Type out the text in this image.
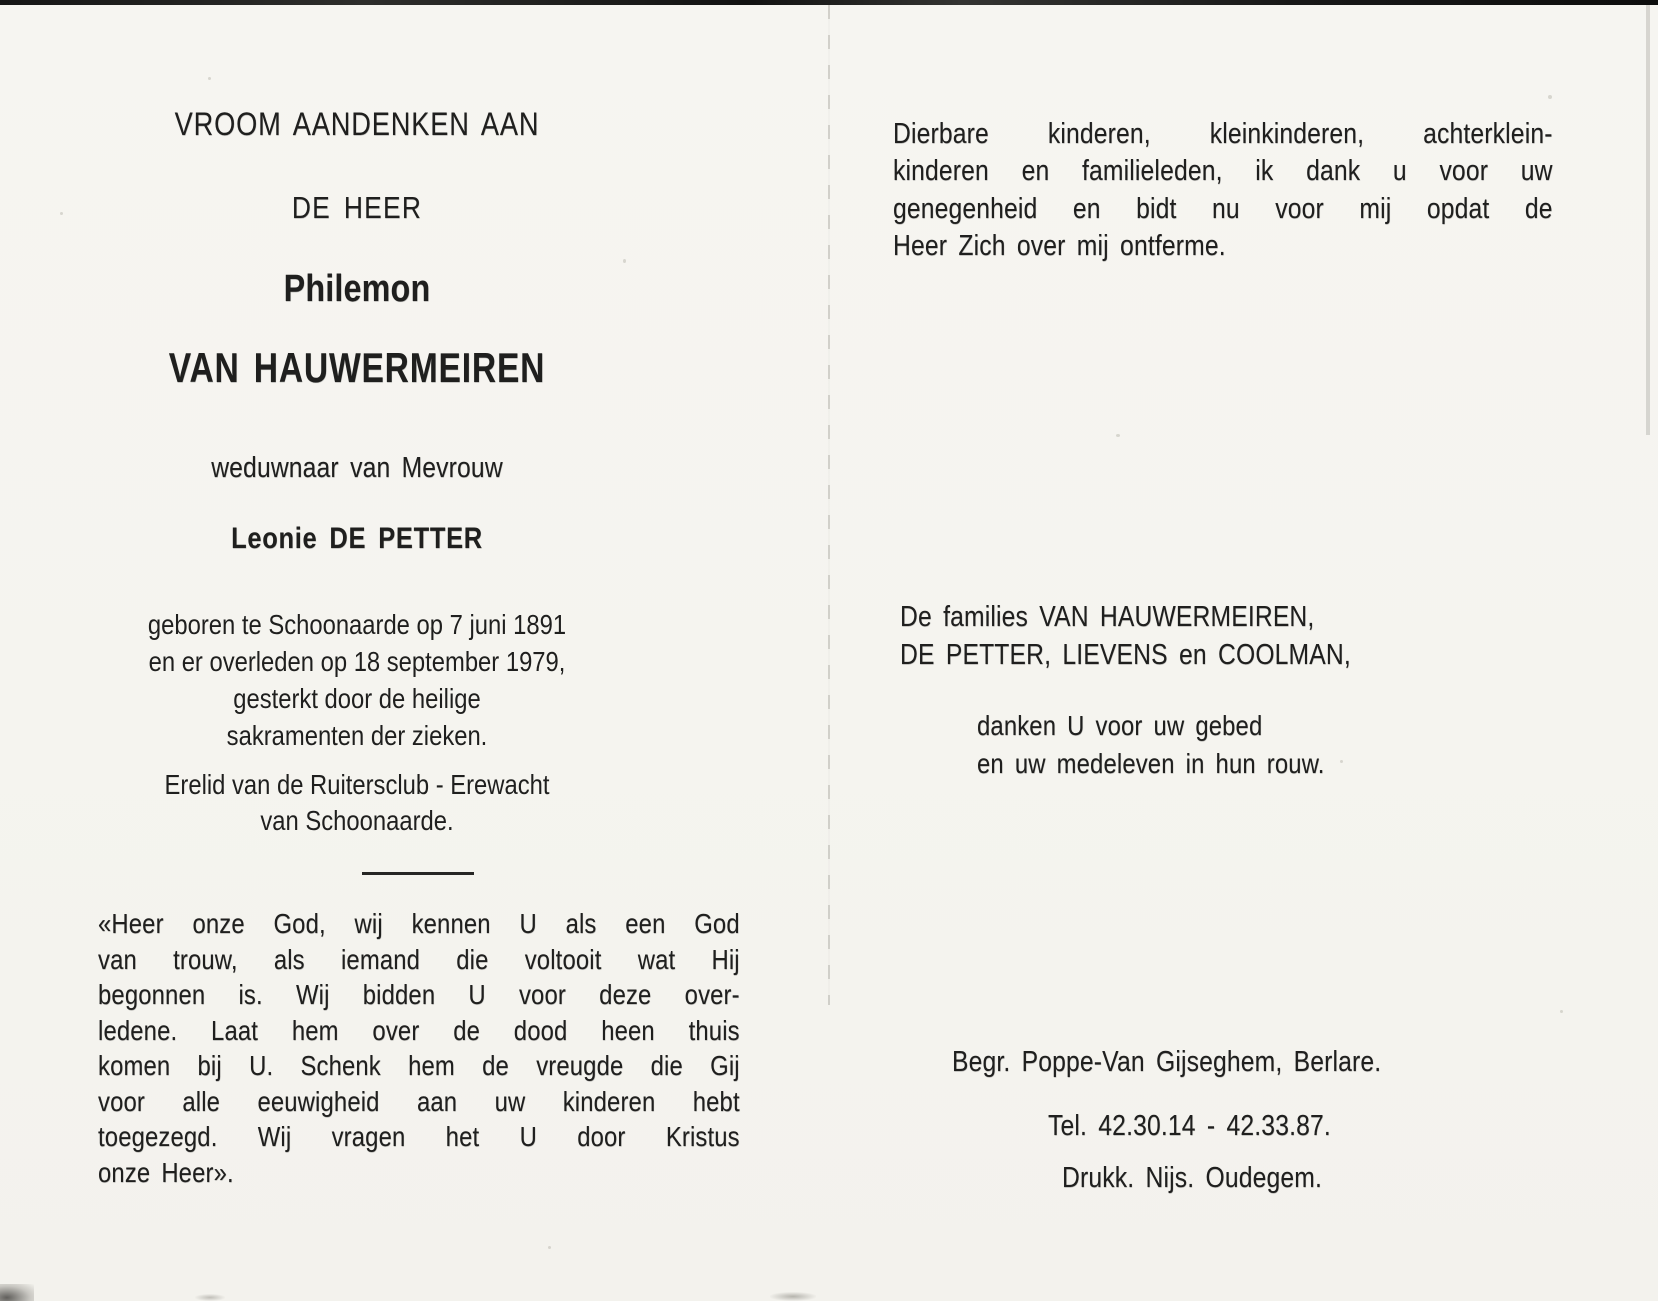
VROOM AANDENKEN AAN
DE HEER
Philemon
VAN HAUWERMEIREN
weduwnaar van Mevrouw
Leonie DE PETTER
geboren te Schoonaarde op 7 juni 1891
en er overleden op 18 september 1979,
gesterkt door de heilige
sakramenten der zieken.
Erelid van de Ruitersclub - Erewacht
van Schoonaarde.
«Heer onze God, wij kennen U als een God
van trouw, als iemand die voltooit wat Hij
begonnen is. Wij bidden U voor deze over-
ledene. Laat hem over de dood heen thuis
komen bij U. Schenk hem de vreugde die Gij
voor alle eeuwigheid aan uw kinderen hebt
toegezegd. Wij vragen het U door Kristus
onze Heer».
Dierbare kinderen, kleinkinderen, achterklein-
kinderen en familieleden, ik dank u voor uw
genegenheid en bidt nu voor mij opdat de
Heer Zich over mij ontferme.
De families VAN HAUWERMEIREN,
DE PETTER, LIEVENS en COOLMAN,
danken U voor uw gebed
en uw medeleven in hun rouw.
Begr. Poppe-Van Gijseghem, Berlare.
Tel. 42.30.14 - 42.33.87.
Drukk. Nijs. Oudegem.
